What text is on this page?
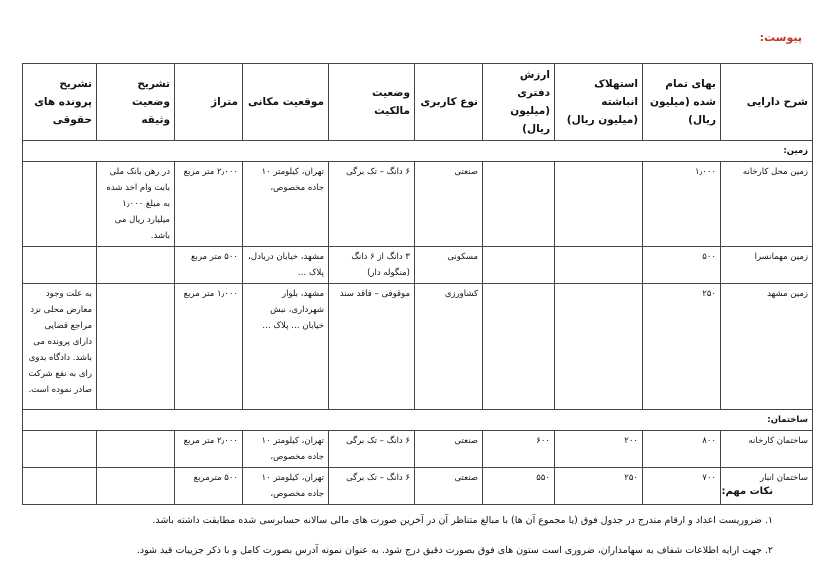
پیوست:
شرح دارایی	بهای تمام شده (میلیون ریال)	استهلاک انباشته (میلیون ریال)	ارزش دفتری (میلیون ریال)	نوع کاربری	وضعیت مالکیت	موقعیت مکانی	متراژ	تشریح وضعیت وثیقه	تشریح پرونده های حقوقی
زمین:									
زمین محل کارخانه	۱٫۰۰۰			صنعتی	۶ دانگ – تک برگی	تهران، کیلومتر ۱۰ جاده مخصوص،	۲٫۰۰۰ متر مربع	در رهن بانک ملی بابت وام اخذ شده به مبلغ ۱٫۰۰۰ میلیارد ریال می باشد.	
زمین مهمانسرا	۵۰۰			مسکونی	۳ دانگ از ۶ دانگ (منگوله دار)	مشهد، خیابان دریادل، پلاک …	۵۰۰ متر مربع		
زمین مشهد	۲۵۰			کشاورزی	موقوفی – فاقد سند	مشهد، بلوار شهرداری، نبش خیابان … پلاک …	۱٫۰۰۰ متر مربع		به علت وجود معارض محلی نزد مراجع قضایی دارای پرونده می باشد. دادگاه بدوی رای به نفع شرکت صادر نموده است.
ساختمان:									
ساختمان کارخانه	۸۰۰	۲۰۰	۶۰۰	صنعتی	۶ دانگ – تک برگی	تهران، کیلومتر ۱۰ جاده مخصوص،	۲٫۰۰۰ متر مربع		
ساختمان انبار	۷۰۰	۲۵۰	۵۵۰	صنعتی	۶ دانگ – تک برگی	تهران، کیلومتر ۱۰ جاده مخصوص،	۵۰۰ مترمربع		
نکات مهم:
۱. ضروریست اعداد و ارقام مندرج در جدول فوق (یا مجموع آن ها) با مبالغ متناظر آن در آخرین صورت های مالی سالانه حسابرسی شده مطابقت داشته باشد.
۲. جهت ارایه اطلاعات شفاف به سهامداران، ضروری است ستون های فوق بصورت دقیق درج شود. به عنوان نمونه آدرس بصورت کامل و با ذکر جزییات قید شود.
